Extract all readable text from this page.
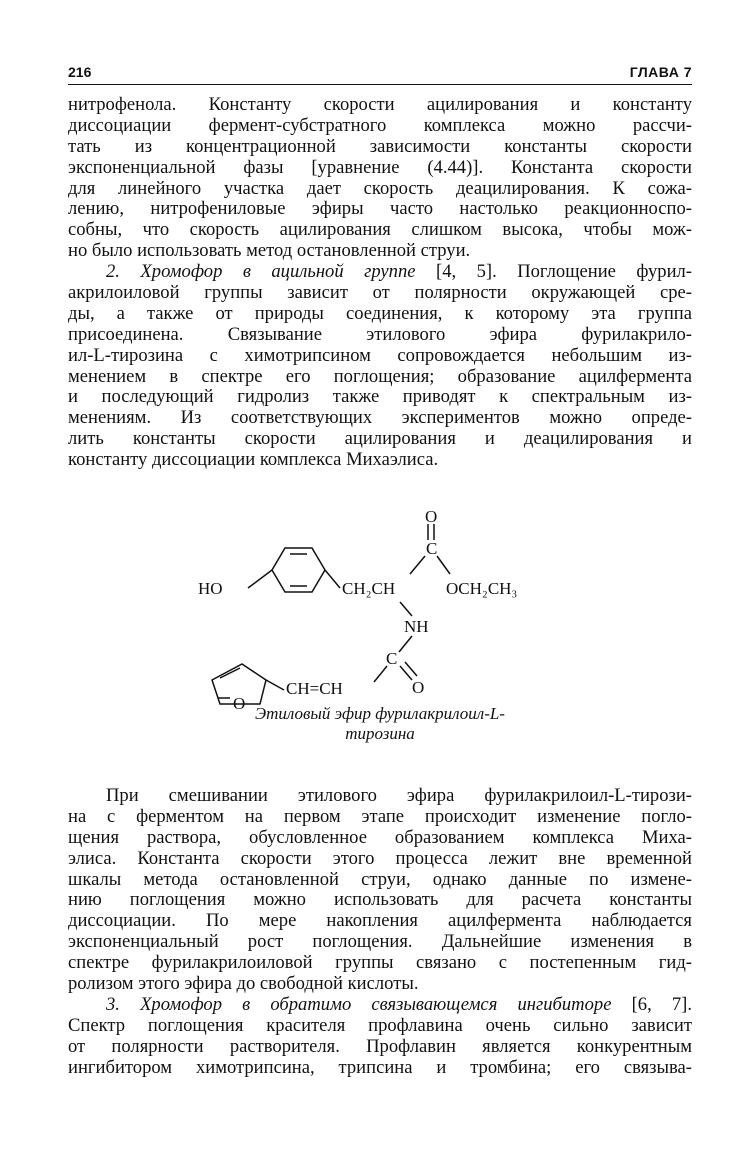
216	ГЛАВА 7
нитрофенола. Константу скорости ацилирования и константу
диссоциации фермент-субстратного комплекса можно рассчи-
тать из концентрационной зависимости константы скорости
экспоненциальной фазы [уравнение (4.44)]. Константа скорости
для линейного участка дает скорость деацилирования. К сожа-
лению, нитрофениловые эфиры часто настолько реакционноспо-
собны, что скорость ацилирования слишком высока, чтобы мож-
но было использовать метод остановленной струи.
2. Хромофор в ацильной группе [4, 5]. Поглощение фурил-
акрилоиловой группы зависит от полярности окружающей сре-
ды, а также от природы соединения, к которому эта группа
присоединена. Связывание этилового эфира фурилакрило-
ил-L-тирозина с химотрипсином сопровождается небольшим из-
менением в спектре его поглощения; образование ацилфермента
и последующий гидролиз также приводят к спектральным из-
менениям. Из соответствующих экспериментов можно опреде-
лить константы скорости ацилирования и деацилирования и
константу диссоциации комплекса Михаэлиса.
HO	CH₂CH
O
C
OCH₂CH₃
NH
C
O
O
CH=CH
Этиловый эфир фурилакрилоил-L-
тирозина
При смешивании этилового эфира фурилакрилоил-L-тирози-
на с ферментом на первом этапе происходит изменение погло-
щения раствора, обусловленное образованием комплекса Миха-
элиса. Константа скорости этого процесса лежит вне временной
шкалы метода остановленной струи, однако данные по измене-
нию поглощения можно использовать для расчета константы
диссоциации. По мере накопления ацилфермента наблюдается
экспоненциальный рост поглощения. Дальнейшие изменения в
спектре фурилакрилоиловой группы связано с постепенным гид-
ролизом этого эфира до свободной кислоты.
3. Хромофор в обратимо связывающемся ингибиторе [6, 7].
Спектр поглощения красителя профлавина очень сильно зависит
от полярности растворителя. Профлавин является конкурентным
ингибитором химотрипсина, трипсина и тромбина; его связыва-
